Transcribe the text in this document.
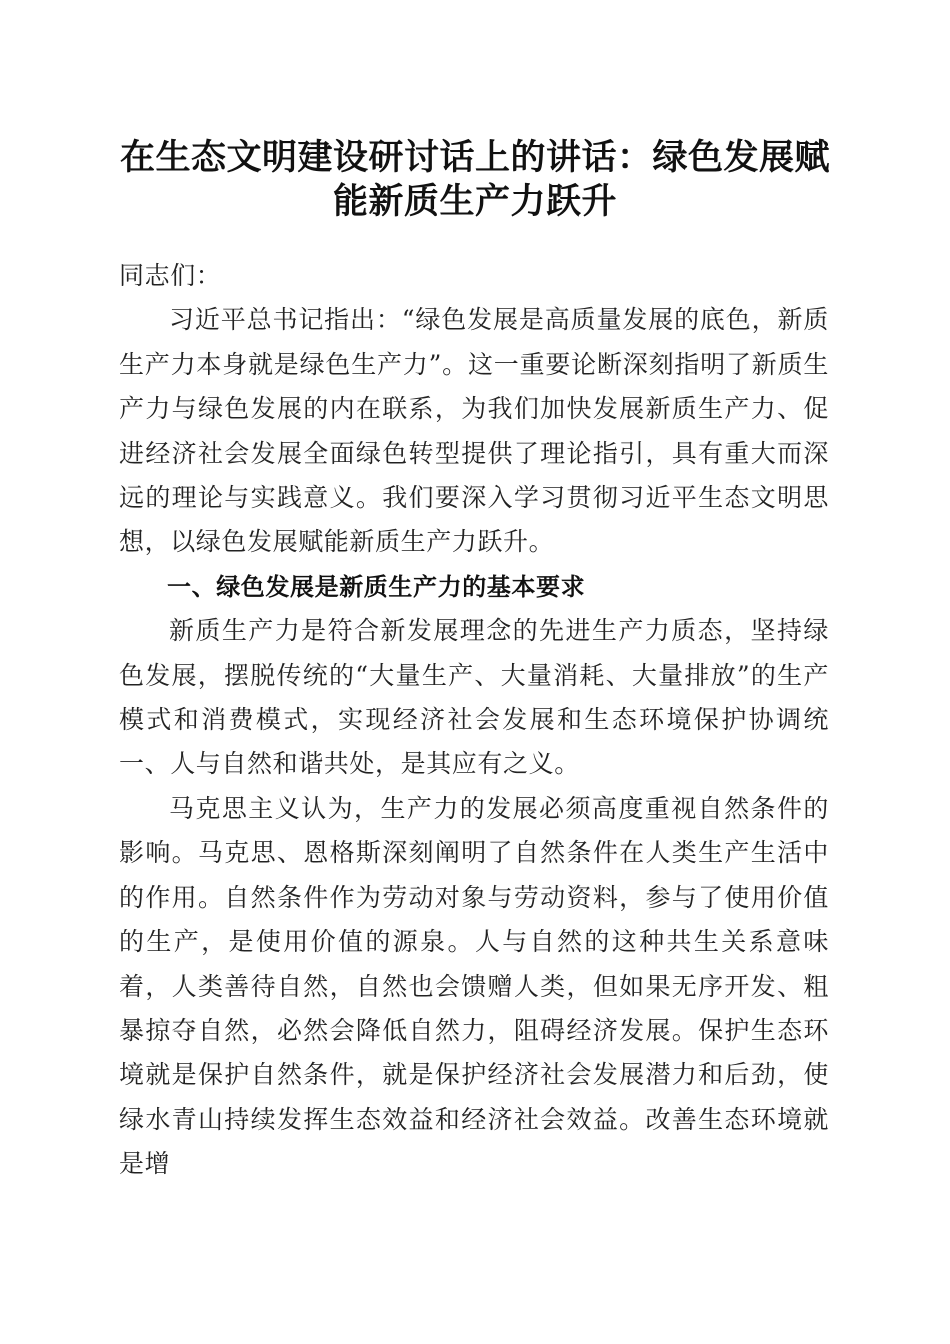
在生态文明建设研讨话上的讲话：绿色发展赋
能新质生产力跃升

同志们：

习近平总书记指出：“绿色发展是高质量发展的底色，新质生产力本身就是绿色生产力”。这一重要论断深刻指明了新质生产力与绿色发展的内在联系，为我们加快发展新质生产力、促进经济社会发展全面绿色转型提供了理论指引，具有重大而深远的理论与实践意义。我们要深入学习贯彻习近平生态文明思想，以绿色发展赋能新质生产力跃升。

一、绿色发展是新质生产力的基本要求

新质生产力是符合新发展理念的先进生产力质态，坚持绿色发展，摆脱传统的“大量生产、大量消耗、大量排放”的生产模式和消费模式，实现经济社会发展和生态环境保护协调统一、人与自然和谐共处，是其应有之义。

马克思主义认为，生产力的发展必须高度重视自然条件的影响。马克思、恩格斯深刻阐明了自然条件在人类生产生活中的作用。自然条件作为劳动对象与劳动资料，参与了使用价值的生产，是使用价值的源泉。人与自然的这种共生关系意味着，人类善待自然，自然也会馈赠人类，但如果无序开发、粗暴掠夺自然，必然会降低自然力，阻碍经济发展。保护生态环境就是保护自然条件，就是保护经济社会发展潜力和后劲，使绿水青山持续发挥生态效益和经济社会效益。改善生态环境就是增
